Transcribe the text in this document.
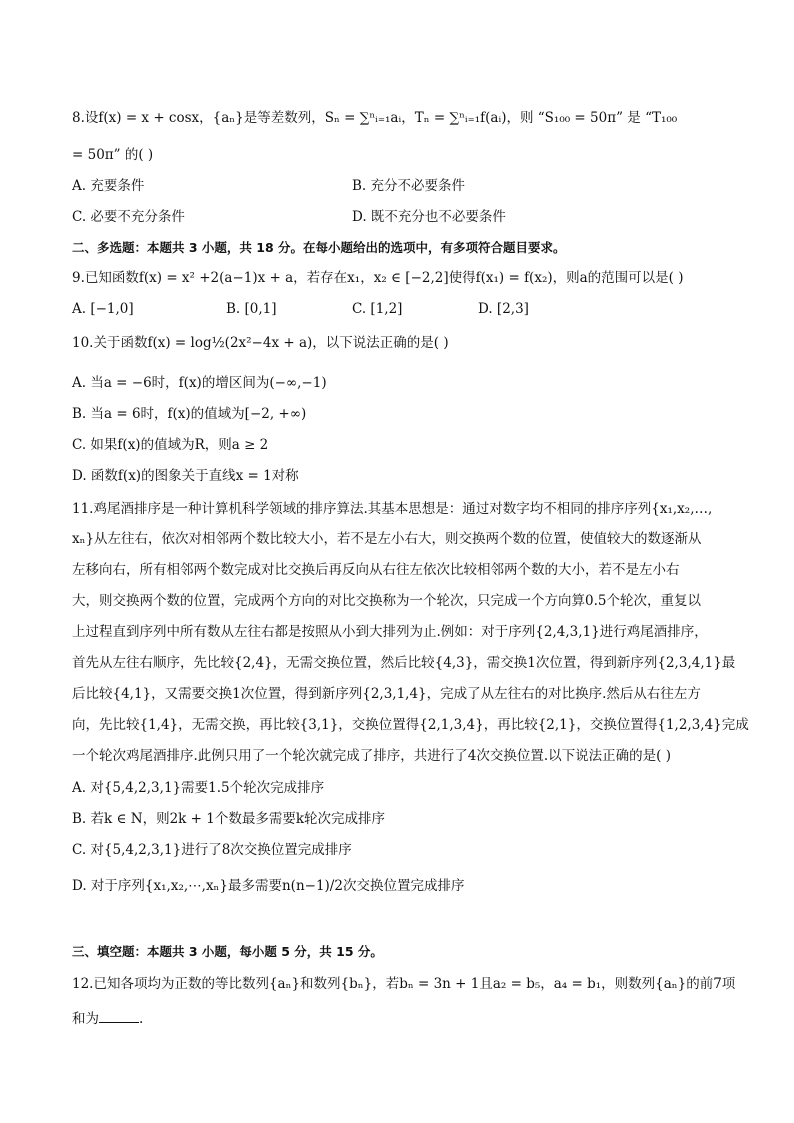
8.设f(x) = x + cosx，{aₙ}是等差数列，Sₙ = ∑ⁿᵢ₌₁aᵢ，Tₙ = ∑ⁿᵢ₌₁f(aᵢ)，则 “S₁₀₀ = 50π” 是 “T₁₀₀
= 50π” 的( )
A. 充要条件	B. 充分不必要条件
C. 必要不充分条件	D. 既不充分也不必要条件
二、多选题：本题共 3 小题，共 18 分。在每小题给出的选项中，有多项符合题目要求。
9.已知函数f(x) = x² +2(a−1)x + a，若存在x₁，x₂ ∈ [−2,2]使得f(x₁) = f(x₂)，则a的范围可以是( )
A. [−1,0]	B. [0,1]	C. [1,2]	D. [2,3]
10.关于函数f(x) = log½(2x²−4x + a)，以下说法正确的是( )
A. 当a = −6时，f(x)的增区间为(−∞,−1)
B. 当a = 6时，f(x)的值域为[−2, +∞)
C. 如果f(x)的值域为R，则a ≥ 2
D. 函数f(x)的图象关于直线x = 1对称
11.鸡尾酒排序是一种计算机科学领域的排序算法.其基本思想是：通过对数字均不相同的排序序列{x₁,x₂,…,
xₙ}从左往右，依次对相邻两个数比较大小，若不是左小右大，则交换两个数的位置，使值较大的数逐渐从
左移向右，所有相邻两个数完成对比交换后再反向从右往左依次比较相邻两个数的大小，若不是左小右
大，则交换两个数的位置，完成两个方向的对比交换称为一个轮次，只完成一个方向算0.5个轮次，重复以
上过程直到序列中所有数从左往右都是按照从小到大排列为止.例如：对于序列{2,4,3,1}进行鸡尾酒排序，
首先从左往右顺序，先比较{2,4}，无需交换位置，然后比较{4,3}，需交换1次位置，得到新序列{2,3,4,1}最
后比较{4,1}，又需要交换1次位置，得到新序列{2,3,1,4}，完成了从左往右的对比换序.然后从右往左方
向，先比较{1,4}，无需交换，再比较{3,1}，交换位置得{2,1,3,4}，再比较{2,1}，交换位置得{1,2,3,4}完成
一个轮次鸡尾酒排序.此例只用了一个轮次就完成了排序，共进行了4次交换位置.以下说法正确的是( )
A. 对{5,4,2,3,1}需要1.5个轮次完成排序
B. 若k ∈ N，则2k + 1个数最多需要k轮次完成排序
C. 对{5,4,2,3,1}进行了8次交换位置完成排序
D. 对于序列{x₁,x₂,⋯,xₙ}最多需要n(n−1)/2次交换位置完成排序
三、填空题：本题共 3 小题，每小题 5 分，共 15 分。
12.已知各项均为正数的等比数列{aₙ}和数列{bₙ}，若bₙ = 3n + 1且a₂ = b₅，a₄ = b₁，则数列{aₙ}的前7项
和为	.
